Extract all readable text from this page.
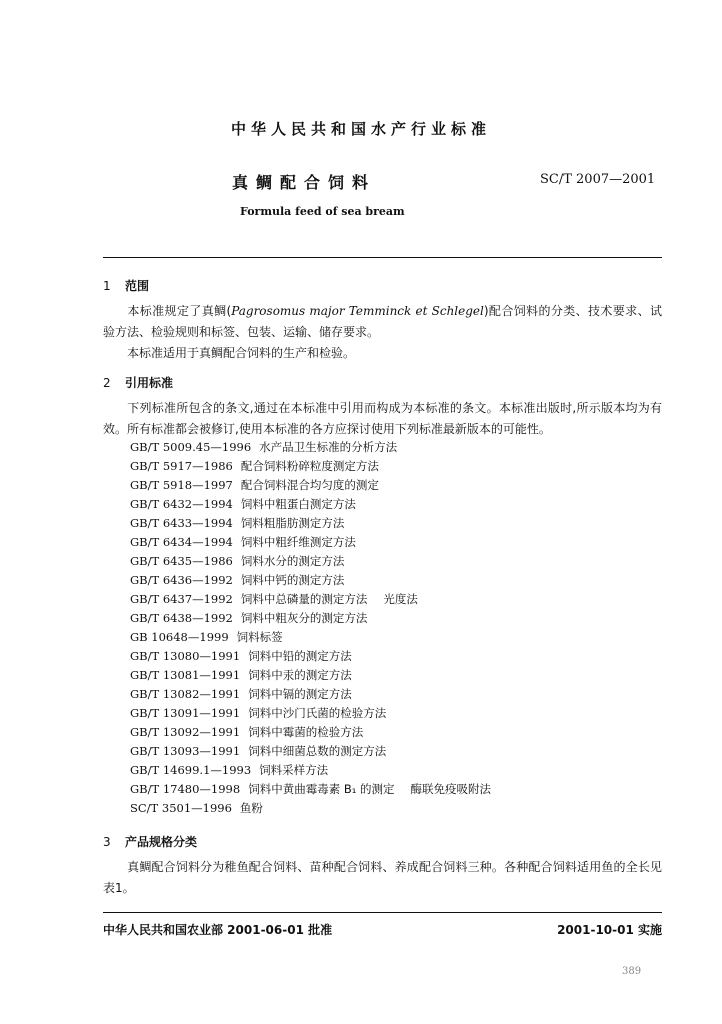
中华人民共和国水产行业标准
真鲷配合饲料	SC/T 2007—2001
Formula feed of sea bream
1 范围
本标准规定了真鲷(Pagrosomus major Temminck et Schlegel)配合饲料的分类、技术要求、试验方法、检验规则和标签、包装、运输、储存要求。
本标准适用于真鲷配合饲料的生产和检验。
2 引用标准
下列标准所包含的条文,通过在本标准中引用而构成为本标准的条文。本标准出版时,所示版本均为有效。所有标准都会被修订,使用本标准的各方应探讨使用下列标准最新版本的可能性。
GB/T 5009.45—1996 水产品卫生标准的分析方法
GB/T 5917—1986 配合饲料粉碎粒度测定方法
GB/T 5918—1997 配合饲料混合均匀度的测定
GB/T 6432—1994 饲料中粗蛋白测定方法
GB/T 6433—1994 饲料粗脂肪测定方法
GB/T 6434—1994 饲料中粗纤维测定方法
GB/T 6435—1986 饲料水分的测定方法
GB/T 6436—1992 饲料中钙的测定方法
GB/T 6437—1992 饲料中总磷量的测定方法 光度法
GB/T 6438—1992 饲料中粗灰分的测定方法
GB 10648—1999 饲料标签
GB/T 13080—1991 饲料中铅的测定方法
GB/T 13081—1991 饲料中汞的测定方法
GB/T 13082—1991 饲料中镉的测定方法
GB/T 13091—1991 饲料中沙门氏菌的检验方法
GB/T 13092—1991 饲料中霉菌的检验方法
GB/T 13093—1991 饲料中细菌总数的测定方法
GB/T 14699.1—1993 饲料采样方法
GB/T 17480—1998 饲料中黄曲霉毒素 B₁ 的测定 酶联免疫吸附法
SC/T 3501—1996 鱼粉
3 产品规格分类
真鲷配合饲料分为稚鱼配合饲料、苗种配合饲料、养成配合饲料三种。各种配合饲料适用鱼的全长见表1。
中华人民共和国农业部 2001-06-01 批准	2001-10-01 实施
389
